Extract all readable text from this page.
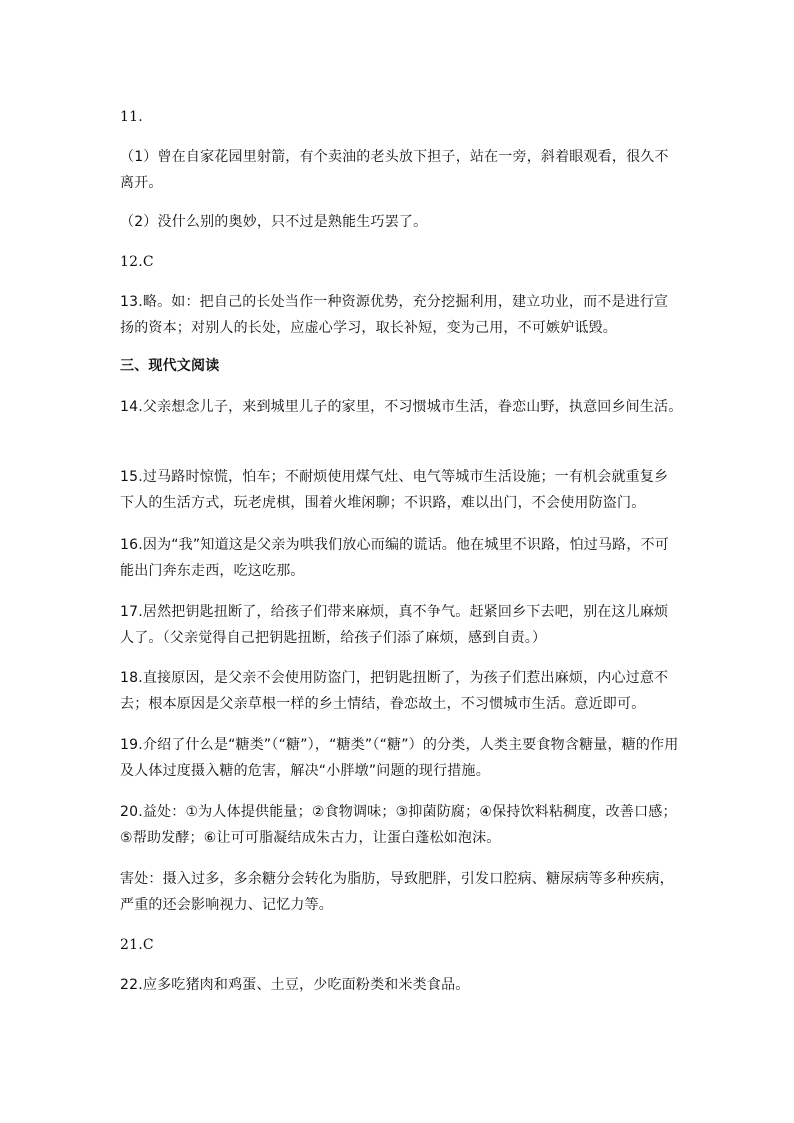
11.
（1）曾在自家花园里射箭，有个卖油的老头放下担子，站在一旁，斜着眼观看，很久不离开。
（2）没什么别的奥妙，只不过是熟能生巧罢了。
12.C
13.略。如：把自己的长处当作一种资源优势，充分挖掘利用，建立功业，而不是进行宣扬的资本；对别人的长处，应虚心学习，取长补短，变为己用，不可嫉妒诋毁。
三、现代文阅读
14.父亲想念儿子，来到城里儿子的家里，不习惯城市生活，眷恋山野，执意回乡间生活。
15.过马路时惊慌，怕车；不耐烦使用煤气灶、电气等城市生活设施；一有机会就重复乡下人的生活方式，玩老虎棋，围着火堆闲聊；不识路，难以出门，不会使用防盗门。
16.因为“我”知道这是父亲为哄我们放心而编的谎话。他在城里不识路，怕过马路，不可能出门奔东走西，吃这吃那。
17.居然把钥匙扭断了，给孩子们带来麻烦，真不争气。赶紧回乡下去吧，别在这儿麻烦人了。（父亲觉得自己把钥匙扭断，给孩子们添了麻烦，感到自责。）
18.直接原因，是父亲不会使用防盗门，把钥匙扭断了，为孩子们惹出麻烦，内心过意不去；根本原因是父亲草根一样的乡土情结，眷恋故土，不习惯城市生活。意近即可。
19.介绍了什么是“糖类”（“糖”），“糖类”（“糖”）的分类，人类主要食物含糖量，糖的作用及人体过度摄入糖的危害，解决“小胖墩”问题的现行措施。
20.益处：①为人体提供能量；②食物调味；③抑菌防腐；④保持饮料粘稠度，改善口感；⑤帮助发酵；⑥让可可脂凝结成朱古力，让蛋白蓬松如泡沫。
害处：摄入过多，多余糖分会转化为脂肪，导致肥胖，引发口腔病、糖尿病等多种疾病，严重的还会影响视力、记忆力等。
21.C
22.应多吃猪肉和鸡蛋、土豆，少吃面粉类和米类食品。
